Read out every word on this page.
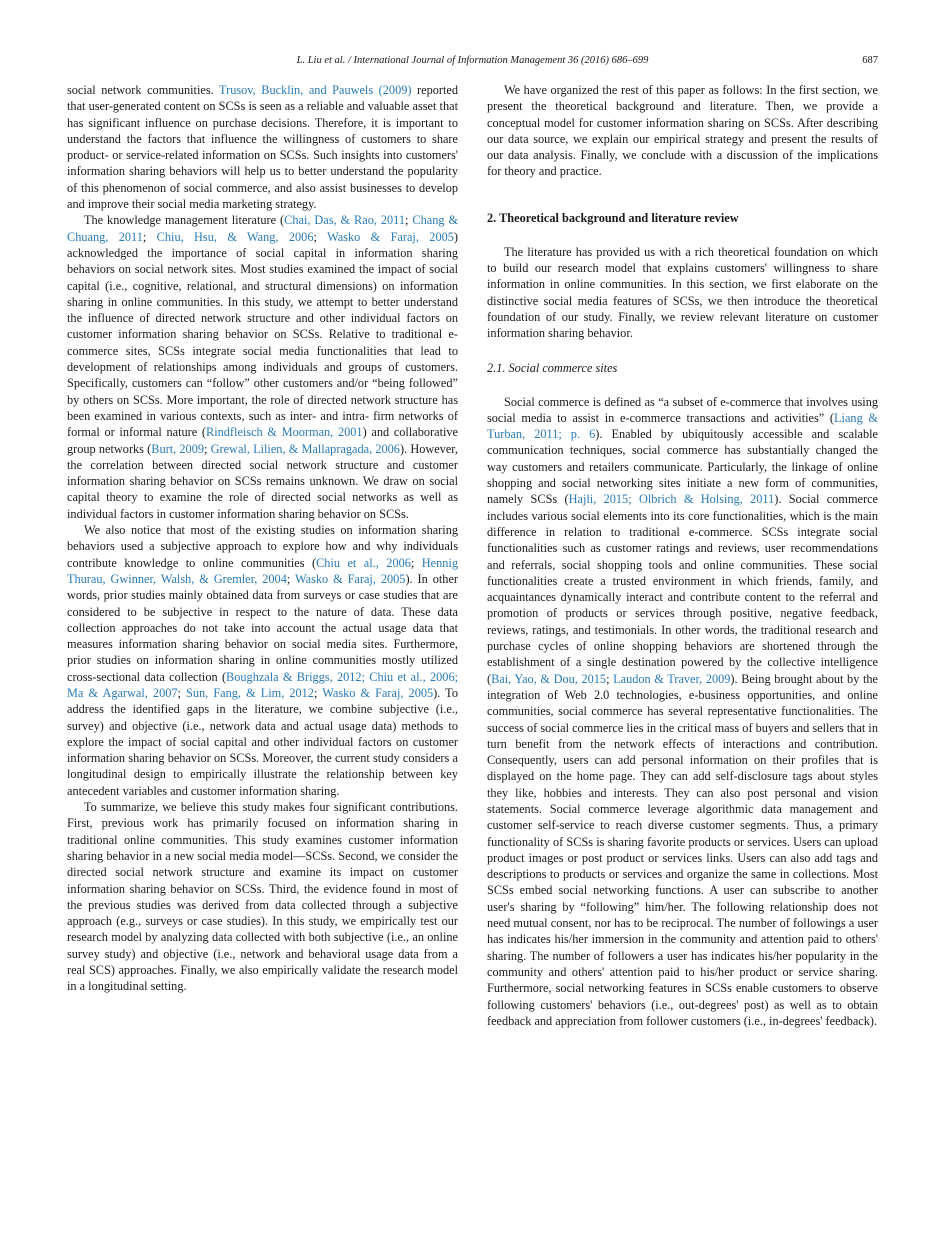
L. Liu et al. / International Journal of Information Management 36 (2016) 686–699	687

social network communities. Trusov, Bucklin, and Pauwels (2009) reported that user-generated content on SCSs is seen as a reliable and valuable asset that has significant influence on purchase decisions. Therefore, it is important to understand the factors that influence the willingness of customers to share product- or service-related information on SCSs. Such insights into customers' information sharing behaviors will help us to better understand the popularity of this phenomenon of social commerce, and also assist businesses to develop and improve their social media marketing strategy.

The knowledge management literature (Chai, Das, & Rao, 2011; Chang & Chuang, 2011; Chiu, Hsu, & Wang, 2006; Wasko & Faraj, 2005) acknowledged the importance of social capital in information sharing behaviors on social network sites. Most studies examined the impact of social capital (i.e., cognitive, relational, and structural dimensions) on information sharing in online communities. In this study, we attempt to better understand the influence of directed network structure and other individual factors on customer information sharing behavior on SCSs. Relative to traditional e-commerce sites, SCSs integrate social media functionalities that lead to development of relationships among individuals and groups of customers. Specifically, customers can “follow” other customers and/or “being followed” by others on SCSs. More important, the role of directed network structure has been examined in various contexts, such as inter- and intra- firm networks of formal or informal nature (Rindfleisch & Moorman, 2001) and collaborative group networks (Burt, 2009; Grewal, Lilien, & Mallapragada, 2006). However, the correlation between directed social network structure and customer information sharing behavior on SCSs remains unknown. We draw on social capital theory to examine the role of directed social networks as well as individual factors in customer information sharing behavior on SCSs.

We also notice that most of the existing studies on information sharing behaviors used a subjective approach to explore how and why individuals contribute knowledge to online communities (Chiu et al., 2006; Hennig Thurau, Gwinner, Walsh, & Gremler, 2004; Wasko & Faraj, 2005). In other words, prior studies mainly obtained data from surveys or case studies that are considered to be subjective in respect to the nature of data. These data collection approaches do not take into account the actual usage data that measures information sharing behavior on social media sites. Furthermore, prior studies on information sharing in online communities mostly utilized cross-sectional data collection (Boughzala & Briggs, 2012; Chiu et al., 2006; Ma & Agarwal, 2007; Sun, Fang, & Lim, 2012; Wasko & Faraj, 2005). To address the identified gaps in the literature, we combine subjective (i.e., survey) and objective (i.e., network data and actual usage data) methods to explore the impact of social capital and other individual factors on customer information sharing behavior on SCSs. Moreover, the current study considers a longitudinal design to empirically illustrate the relationship between key antecedent variables and customer information sharing.

To summarize, we believe this study makes four significant contributions. First, previous work has primarily focused on information sharing in traditional online communities. This study examines customer information sharing behavior in a new social media model—SCSs. Second, we consider the directed social network structure and examine its impact on customer information sharing behavior on SCSs. Third, the evidence found in most of the previous studies was derived from data collected through a subjective approach (e.g., surveys or case studies). In this study, we empirically test our research model by analyzing data collected with both subjective (i.e., an online survey study) and objective (i.e., network and behavioral usage data from a real SCS) approaches. Finally, we also empirically validate the research model in a longitudinal setting.

We have organized the rest of this paper as follows: In the first section, we present the theoretical background and literature. Then, we provide a conceptual model for customer information sharing on SCSs. After describing our data source, we explain our empirical strategy and present the results of our data analysis. Finally, we conclude with a discussion of the implications for theory and practice.

2. Theoretical background and literature review

The literature has provided us with a rich theoretical foundation on which to build our research model that explains customers' willingness to share information in online communities. In this section, we first elaborate on the distinctive social media features of SCSs, we then introduce the theoretical foundation of our study. Finally, we review relevant literature on customer information sharing behavior.

2.1. Social commerce sites

Social commerce is defined as “a subset of e-commerce that involves using social media to assist in e-commerce transactions and activities” (Liang & Turban, 2011; p. 6). Enabled by ubiquitously accessible and scalable communication techniques, social commerce has substantially changed the way customers and retailers communicate. Particularly, the linkage of online shopping and social networking sites initiate a new form of communities, namely SCSs (Hajli, 2015; Olbrich & Holsing, 2011). Social commerce includes various social elements into its core functionalities, which is the main difference in relation to traditional e-commerce. SCSs integrate social functionalities such as customer ratings and reviews, user recommendations and referrals, social shopping tools and online communities. These social functionalities create a trusted environment in which friends, family, and acquaintances dynamically interact and contribute content to the referral and promotion of products or services through positive, negative feedback, reviews, ratings, and testimonials. In other words, the traditional research and purchase cycles of online shopping behaviors are shortened through the establishment of a single destination powered by the collective intelligence (Bai, Yao, & Dou, 2015; Laudon & Traver, 2009). Being brought about by the integration of Web 2.0 technologies, e-business opportunities, and online communities, social commerce has several representative functionalities. The success of social commerce lies in the critical mass of buyers and sellers that in turn benefit from the network effects of interactions and contribution. Consequently, users can add personal information on their profiles that is displayed on the home page. They can add self-disclosure tags about styles they like, hobbies and interests. They can also post personal and vision statements. Social commerce leverage algorithmic data management and customer self-service to reach diverse customer segments. Thus, a primary functionality of SCSs is sharing favorite products or services. Users can upload product images or post product or services links. Users can also add tags and descriptions to products or services and organize the same in collections. Most SCSs embed social networking functions. A user can subscribe to another user's sharing by “following” him/her. The following relationship does not need mutual consent, nor has to be reciprocal. The number of followings a user has indicates his/her immersion in the community and attention paid to others' sharing. The number of followers a user has indicates his/her popularity in the community and others' attention paid to his/her product or service sharing. Furthermore, social networking features in SCSs enable customers to observe following customers' behaviors (i.e., out-degrees' post) as well as to obtain feedback and appreciation from follower customers (i.e., in-degrees' feedback).
